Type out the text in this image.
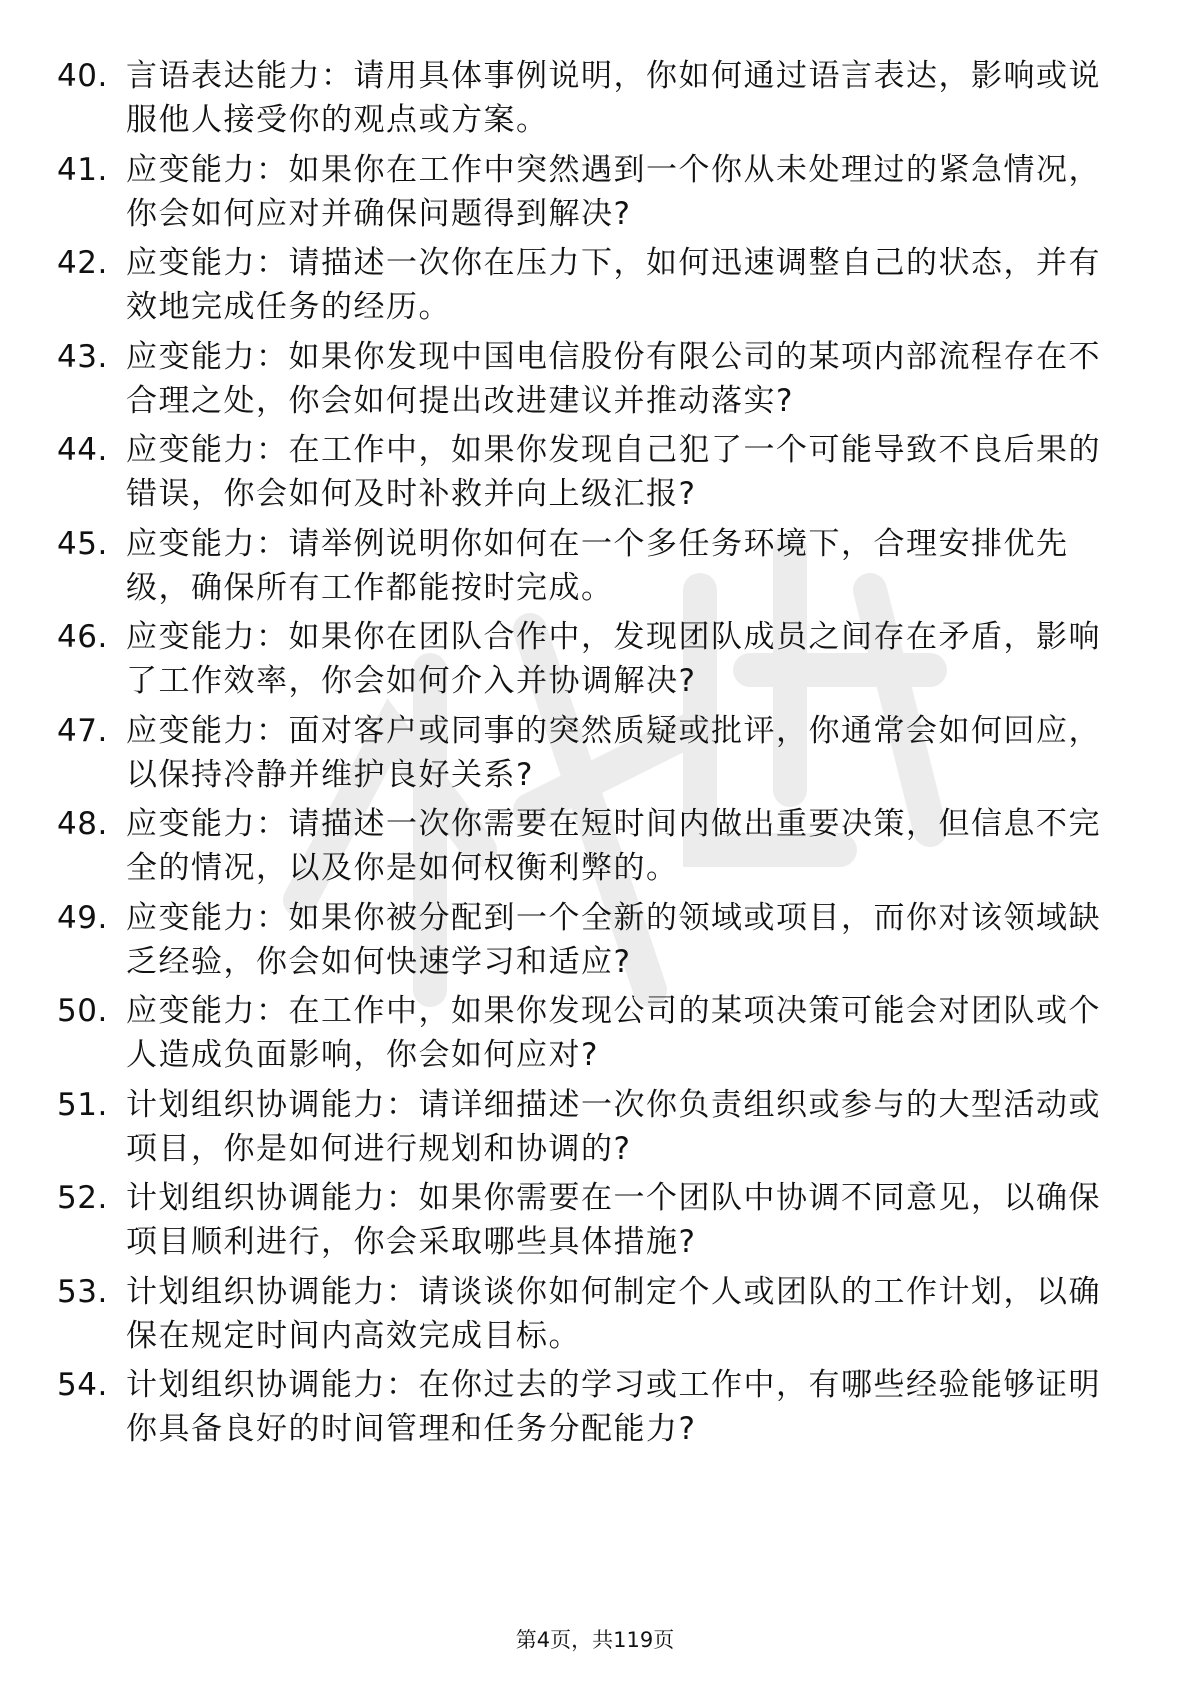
40. 言语表达能力：请用具体事例说明，你如何通过语言表达，影响或说服他人接受你的观点或方案。
41. 应变能力：如果你在工作中突然遇到一个你从未处理过的紧急情况，你会如何应对并确保问题得到解决?
42. 应变能力：请描述一次你在压力下，如何迅速调整自己的状态，并有效地完成任务的经历。
43. 应变能力：如果你发现中国电信股份有限公司的某项内部流程存在不合理之处，你会如何提出改进建议并推动落实?
44. 应变能力：在工作中，如果你发现自己犯了一个可能导致不良后果的错误，你会如何及时补救并向上级汇报?
45. 应变能力：请举例说明你如何在一个多任务环境下，合理安排优先级，确保所有工作都能按时完成。
46. 应变能力：如果你在团队合作中，发现团队成员之间存在矛盾，影响了工作效率，你会如何介入并协调解决?
47. 应变能力：面对客户或同事的突然质疑或批评，你通常会如何回应，以保持冷静并维护良好关系?
48. 应变能力：请描述一次你需要在短时间内做出重要决策，但信息不完全的情况，以及你是如何权衡利弊的。
49. 应变能力：如果你被分配到一个全新的领域或项目，而你对该领域缺乏经验，你会如何快速学习和适应?
50. 应变能力：在工作中，如果你发现公司的某项决策可能会对团队或个人造成负面影响，你会如何应对?
51. 计划组织协调能力：请详细描述一次你负责组织或参与的大型活动或项目，你是如何进行规划和协调的?
52. 计划组织协调能力：如果你需要在一个团队中协调不同意见，以确保项目顺利进行，你会采取哪些具体措施?
53. 计划组织协调能力：请谈谈你如何制定个人或团队的工作计划，以确保在规定时间内高效完成目标。
54. 计划组织协调能力：在你过去的学习或工作中，有哪些经验能够证明你具备良好的时间管理和任务分配能力?
第4页，共119页
